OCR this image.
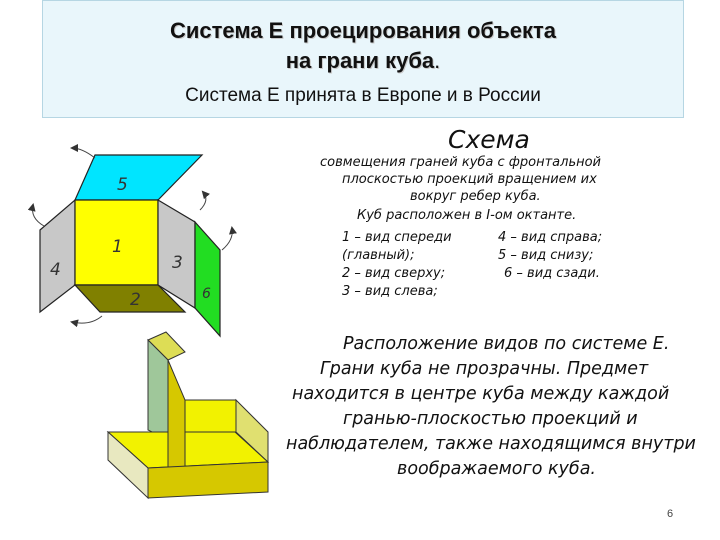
Система Е проецирования объекта
на грани куба.
Система Е принята в Европе и в России
1
2
3
4
5
6
Схема
совмещения граней куба с фронтальной
плоскостью проекций вращением их
вокруг ребер куба.
Куб расположен в I-ом октанте.
1 – вид спереди	4 – вид справа;
(главный);	5 – вид снизу;
2 – вид сверху;	6 – вид сзади.
3 – вид слева;
Расположение видов по системе Е.
Грани куба не прозрачны. Предмет
находится в центре куба между каждой
гранью-плоскостью проекций и
наблюдателем, также находящимся внутри
воображаемого куба.
6
